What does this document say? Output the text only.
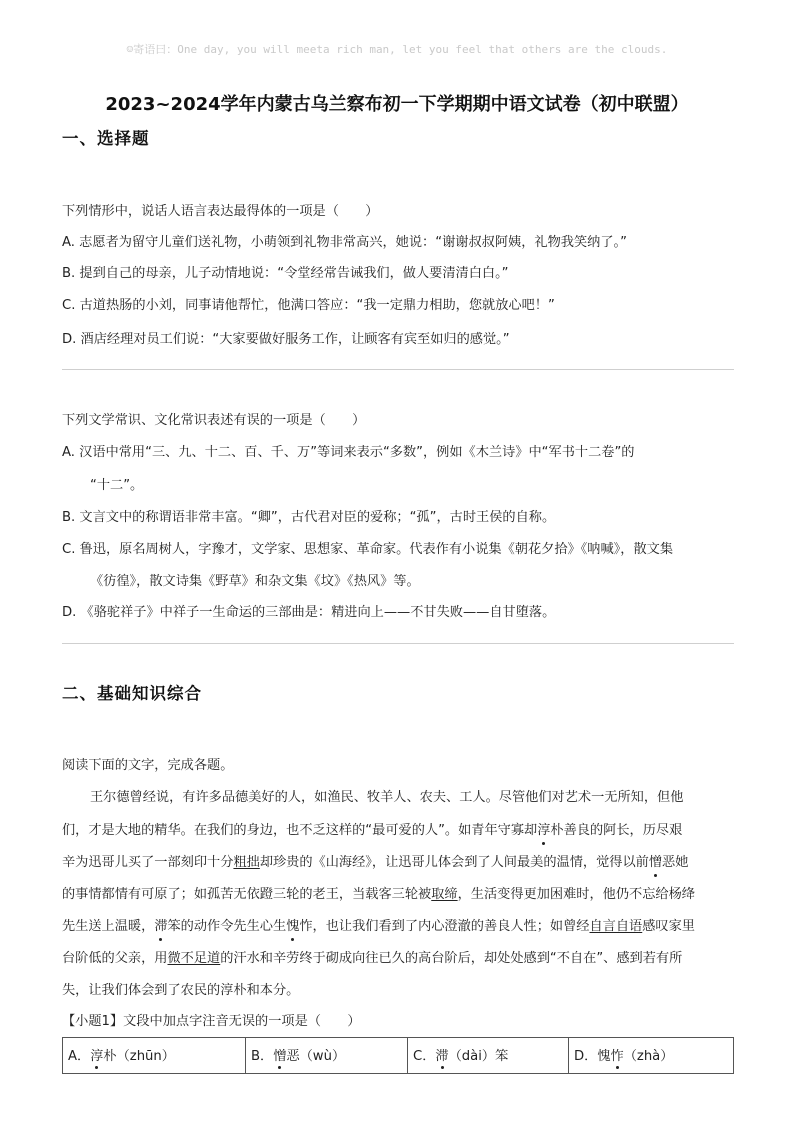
☺寄语曰：One day, you will meeta rich man, let you feel that others are the clouds.
2023~2024学年内蒙古乌兰察布初一下学期期中语文试卷（初中联盟）
一、选择题
下列情形中，说话人语言表达最得体的一项是（　　）
A. 志愿者为留守儿童们送礼物，小萌领到礼物非常高兴，她说：“谢谢叔叔阿姨，礼物我笑纳了。”
B. 提到自己的母亲，儿子动情地说：“令堂经常告诫我们，做人要清清白白。”
C. 古道热肠的小刘，同事请他帮忙，他满口答应：“我一定鼎力相助，您就放心吧！”
D. 酒店经理对员工们说：“大家要做好服务工作，让顾客有宾至如归的感觉。”
下列文学常识、文化常识表述有误的一项是（　　）
A. 汉语中常用“三、九、十二、百、千、万”等词来表示“多数”，例如《木兰诗》中“军书十二卷”的
“十二”。
B. 文言文中的称谓语非常丰富。“卿”，古代君对臣的爱称；“孤”，古时王侯的自称。
C. 鲁迅，原名周树人，字豫才，文学家、思想家、革命家。代表作有小说集《朝花夕拾》《呐喊》，散文集
《彷徨》，散文诗集《野草》和杂文集《坟》《热风》等。
D. 《骆驼祥子》中祥子一生命运的三部曲是：精进向上——不甘失败——自甘堕落。
二、基础知识综合
阅读下面的文字，完成各题。
王尔德曾经说，有许多品德美好的人，如渔民、牧羊人、农夫、工人。尽管他们对艺术一无所知，但他
们，才是大地的精华。在我们的身边，也不乏这样的“最可爱的人”。如青年守寡却淳朴善良的阿长，历尽艰
辛为迅哥儿买了一部刻印十分粗拙却珍贵的《山海经》，让迅哥儿体会到了人间最美的温情，觉得以前憎恶她
的事情都情有可原了；如孤苦无依蹬三轮的老王，当载客三轮被取缔，生活变得更加困难时，他仍不忘给杨绛
先生送上温暖，滞笨的动作令先生心生愧怍，也让我们看到了内心澄澈的善良人性；如曾经自言自语感叹家里
台阶低的父亲，用微不足道的汗水和辛劳终于砌成向往已久的高台阶后，却处处感到“不自在”、感到若有所
失，让我们体会到了农民的淳朴和本分。
【小题1】文段中加点字注音无误的一项是（　　）
A．淳朴（zhūn）	B．憎恶（wù）	C．滞（dài）笨	D．愧怍（zhà）
